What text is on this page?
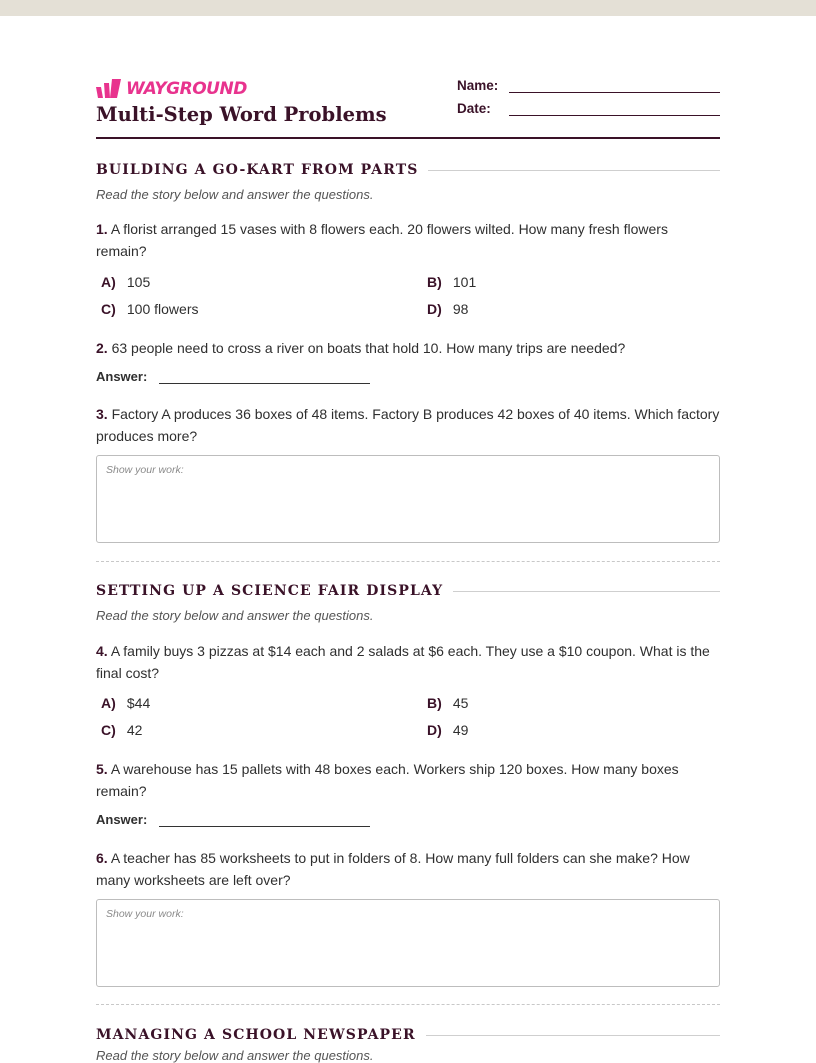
WAYGROUND
Multi-Step Word Problems
Name:
Date:
BUILDING A GO-KART FROM PARTS
Read the story below and answer the questions.
1. A florist arranged 15 vases with 8 flowers each. 20 flowers wilted. How many fresh flowers remain?
A) 105	B) 101
C) 100 flowers	D) 98
2. 63 people need to cross a river on boats that hold 10. How many trips are needed?
Answer:
3. Factory A produces 36 boxes of 48 items. Factory B produces 42 boxes of 40 items. Which factory produces more?
Show your work:
SETTING UP A SCIENCE FAIR DISPLAY
Read the story below and answer the questions.
4. A family buys 3 pizzas at $14 each and 2 salads at $6 each. They use a $10 coupon. What is the final cost?
A) $44	B) 45
C) 42	D) 49
5. A warehouse has 15 pallets with 48 boxes each. Workers ship 120 boxes. How many boxes remain?
Answer:
6. A teacher has 85 worksheets to put in folders of 8. How many full folders can she make? How many worksheets are left over?
Show your work:
MANAGING A SCHOOL NEWSPAPER
Read the story below and answer the questions.
